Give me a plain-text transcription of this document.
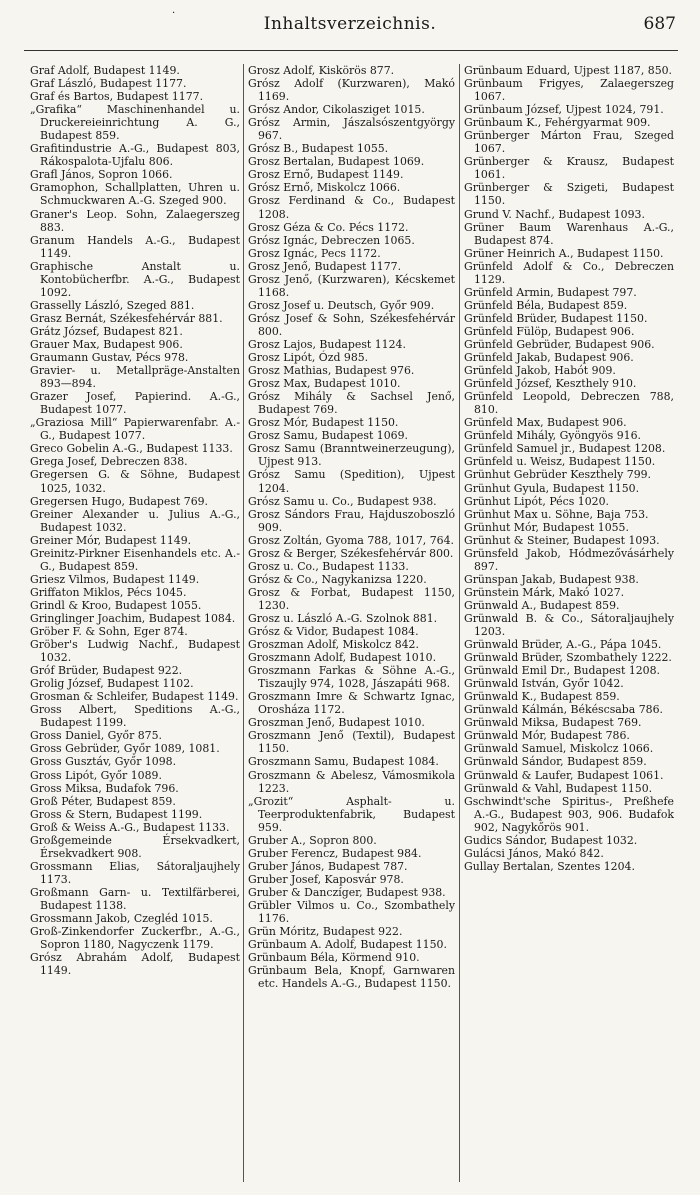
·
Inhaltsverzeichnis.	687

Graf Adolf, Budapest 1149.

Graf László, Budapest 1177.

Graf és Bartos, Budapest 1177.

„Grafika“ Maschinenhandel u. Druckereieinrichtung A. G., Budapest 859.

Grafitindustrie A.-G., Budapest 803, Rákospalota-Ujfalu 806.

Grafl János, Sopron 1066.

Gramophon, Schallplatten, Uhren u. Schmuckwaren A.-G. Szeged 900.

Graner's Leop. Sohn, Zalaegerszeg 883.

Granum Handels A.-G., Budapest 1149.

Graphische Anstalt u. Kontobücherfbr. A.-G., Budapest 1092.

Grasselly László, Szeged 881.

Grasz Bernát, Székesfehérvár 881.

Grátz József, Budapest 821.

Grauer Max, Budapest 906.

Graumann Gustav, Pécs 978.

Gravier- u. Metallpräge-Anstalten 893—894.

Grazer Josef, Papierind. A.-G., Budapest 1077.

„Graziosa Mill“ Papierwarenfabr. A.-G., Budapest 1077.

Greco Gobelin A.-G., Budapest 1133.

Grega Josef, Debreczen 838.

Gregersen G. & Söhne, Budapest 1025, 1032.

Gregersen Hugo, Budapest 769.

Greiner Alexander u. Julius A.-G., Budapest 1032.

Greiner Mór, Budapest 1149.

Greinitz-Pirkner Eisenhandels etc. A.-G., Budapest 859.

Griesz Vilmos, Budapest 1149.

Griffaton Miklos, Pécs 1045.

Grindl & Kroo, Budapest 1055.

Gringlinger Joachim, Budapest 1084.

Gröber F. & Sohn, Eger 874.

Gröber's Ludwig Nachf., Budapest 1032.

Gróf Brüder, Budapest 922.

Grolig József, Budapest 1102.

Grosman & Schleifer, Budapest 1149.

Gross Albert, Speditions A.-G., Budapest 1199.

Gross Daniel, Győr 875.

Gross Gebrüder, Győr 1089, 1081.

Gross Gusztáv, Győr 1098.

Gross Lipót, Győr 1089.

Gross Miksa, Budafok 796.

Groß Péter, Budapest 859.

Gross & Stern, Budapest 1199.

Groß & Weiss A.-G., Budapest 1133.

Großgemeinde Érsekvadkert, Érsekvadkert 908.

Grossmann Elias, Sátoraljaujhely 1173.

Großmann Garn- u. Textilfärberei, Budapest 1138.

Grossmann Jakob, Czegléd 1015.

Groß-Zinkendorfer Zuckerfbr., A.-G., Sopron 1180, Nagyczenk 1179.

Grósz Abrahám Adolf, Budapest 1149.

Grosz Adolf, Kiskörös 877.

Grósz Adolf (Kurzwaren), Makó 1169.

Grósz Andor, Cikolasziget 1015.

Grósz Armin, Jászalsószentgyörgy 967.

Grósz B., Budapest 1055.

Grosz Bertalan, Budapest 1069.

Grosz Ernő, Budapest 1149.

Grósz Ernő, Miskolcz 1066.

Grosz Ferdinand & Co., Budapest 1208.

Grosz Géza & Co. Pécs 1172.

Grósz Ignác, Debreczen 1065.

Grosz Ignác, Pecs 1172.

Grosz Jenő, Budapest 1177.

Grosz Jenő, (Kurzwaren), Kécskemet 1168.

Grosz Josef u. Deutsch, Győr 909.

Grósz Josef & Sohn, Székesfehérvár 800.

Grosz Lajos, Budapest 1124.

Grosz Lipót, Ózd 985.

Grosz Mathias, Budapest 976.

Grosz Max, Budapest 1010.

Grósz Mihály & Sachsel Jenő, Budapest 769.

Grosz Mór, Budapest 1150.

Grosz Samu, Budapest 1069.

Grosz Samu (Branntweinerzeugung), Ujpest 913.

Grósz Samu (Spedition), Ujpest 1204.

Grósz Samu u. Co., Budapest 938.

Grosz Sándors Frau, Hajduszoboszló 909.

Grosz Zoltán, Gyoma 788, 1017, 764.

Grosz & Berger, Székesfehérvár 800.

Grosz u. Co., Budapest 1133.

Grósz & Co., Nagykanizsa 1220.

Grosz & Forbat, Budapest 1150, 1230.

Grosz u. László A.-G. Szolnok 881.

Grósz & Vidor, Budapest 1084.

Groszman Adolf, Miskolcz 842.

Groszmann Adolf, Budapest 1010.

Groszmann Farkas & Söhne A.-G., Tiszaujly 974, 1028, Jászapáti 968.

Groszmann Imre & Schwartz Ignac, Orosháza 1172.

Groszman Jenő, Budapest 1010.

Groszmann Jenő (Textil), Budapest 1150.

Groszmann Samu, Budapest 1084.

Groszmann & Abelesz, Vámosmikola 1223.

„Grozit“ Asphalt- u. Teerproduktenfabrik, Budapest 959.

Gruber A., Sopron 800.

Gruber Ferencz, Budapest 984.

Gruber János, Budapest 787.

Gruber Josef, Kaposvár 978.

Gruber & Danczíger, Budapest 938.

Grübler Vilmos u. Co., Szombathely 1176.

Grün Móritz, Budapest 922.

Grünbaum A. Adolf, Budapest 1150.

Grünbaum Béla, Körmend 910.

Grünbaum Bela, Knopf, Garnwaren etc. Handels A.-G., Budapest 1150.

Grünbaum Eduard, Ujpest 1187, 850.

Grünbaum Frigyes, Zalaegerszeg 1067.

Grünbaum József, Ujpest 1024, 791.

Grünbaum K., Fehérgyarmat 909.

Grünberger Márton Frau, Szeged 1067.

Grünberger & Krausz, Budapest 1061.

Grünberger & Szigeti, Budapest 1150.

Grund V. Nachf., Budapest 1093.

Grüner Baum Warenhaus A.-G., Budapest 874.

Grüner Heinrich A., Budapest 1150.

Grünfeld Adolf & Co., Debreczen 1129.

Grünfeld Armin, Budapest 797.

Grünfeld Béla, Budapest 859.

Grünfeld Brüder, Budapest 1150.

Grünfeld Fülöp, Budapest 906.

Grünfeld Gebrüder, Budapest 906.

Grünfeld Jakab, Budapest 906.

Grünfeld Jakob, Habót 909.

Grünfeld József, Keszthely 910.

Grünfeld Leopold, Debreczen 788, 810.

Grünfeld Max, Budapest 906.

Grünfeld Mihály, Gyöngyös 916.

Grünfeld Samuel jr., Budapest 1208.

Grünfeld u. Weisz, Budapest 1150.

Grünhut Gebrüder Keszthely 799.

Grünhut Gyula, Budapest 1150.

Grünhut Lipót, Pécs 1020.

Grünhut Max u. Söhne, Baja 753.

Grünhut Mór, Budapest 1055.

Grünhut & Steiner, Budapest 1093.

Grünsfeld Jakob, Hódmezővásárhely 897.

Grünspan Jakab, Budapest 938.

Grünstein Márk, Makó 1027.

Grünwald A., Budapest 859.

Grünwald B. & Co., Sátoraljaujhely 1203.

Grünwald Brüder, A.-G., Pápa 1045.

Grünwald Brüder, Szombathely 1222.

Grünwald Emil Dr., Budapest 1208.

Grünwald István, Győr 1042.

Grünwald K., Budapest 859.

Grünwald Kálmán, Békéscsaba 786.

Grünwald Miksa, Budapest 769.

Grünwald Mór, Budapest 786.

Grünwald Samuel, Miskolcz 1066.

Grünwald Sándor, Budapest 859.

Grünwald & Laufer, Budapest 1061.

Grünwald & Vahl, Budapest 1150.

Gschwindt'sche Spiritus-, Preßhefe A.-G., Budapest 903, 906. Budafok 902, Nagykőrös 901.

Gudics Sándor, Budapest 1032.

Gulácsi János, Makó 842.

Gullay Bertalan, Szentes 1204.
